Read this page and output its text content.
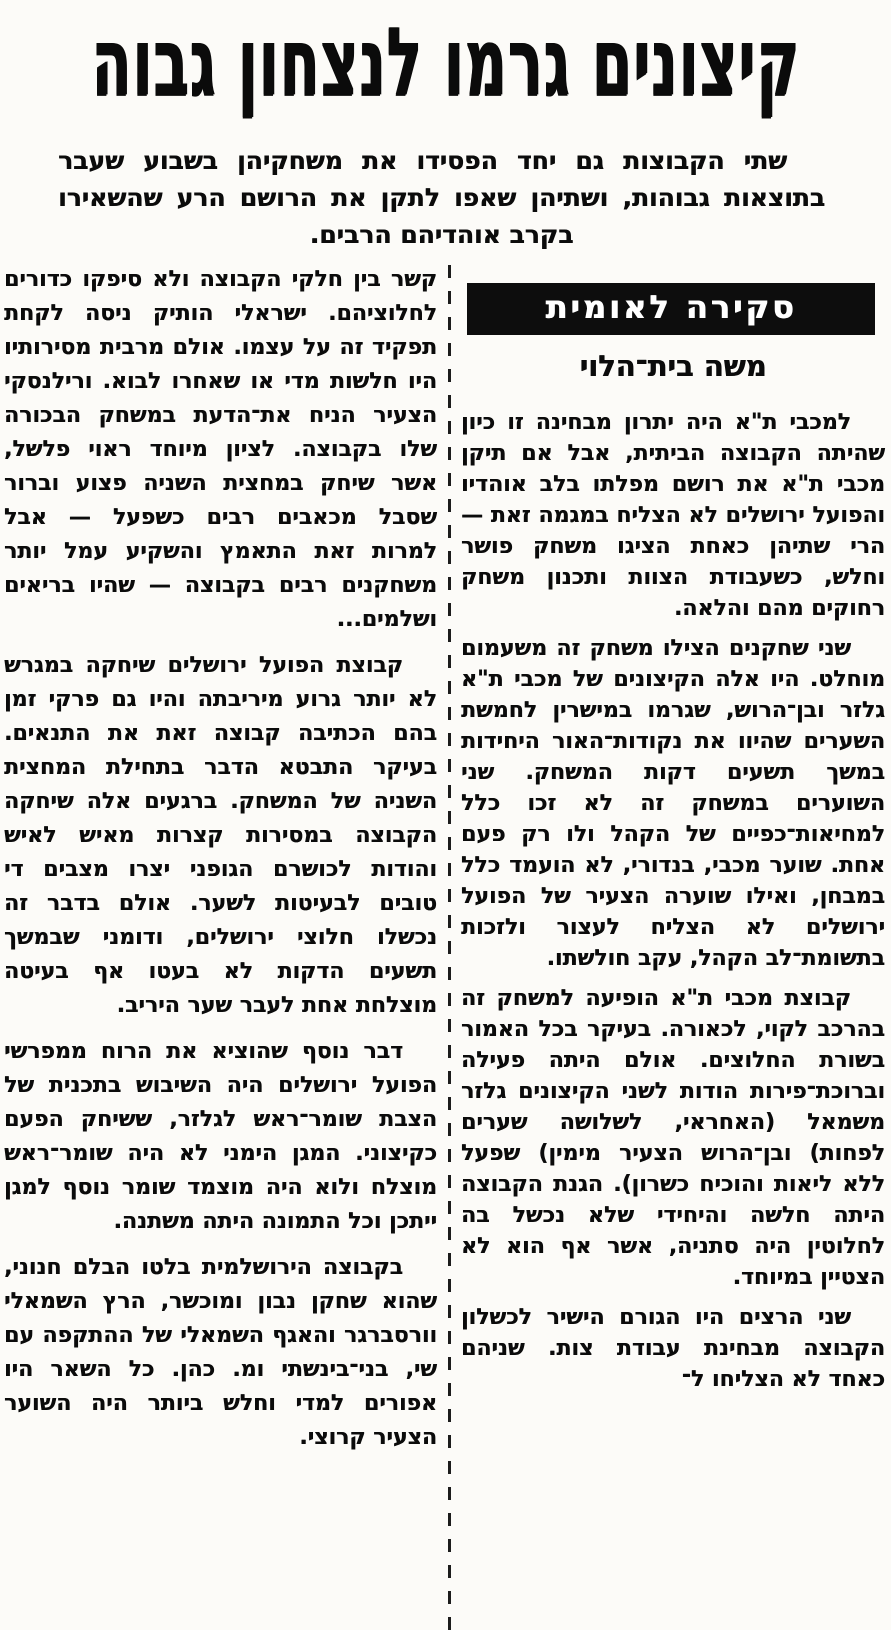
קיצונים גרמו לנצחון גבוה

שתי הקבוצות גם יחד הפסידו את משחקיהן בשבוע שעבר בתוצאות גבוהות, ושתיהן שאפו לתקן את הרושם הרע שהשאירו בקרב אוהדיהם הרבים.

סקירה לאומית
משה בית־הלוי

למכבי ת"א היה יתרון מבחינה זו כיון שהיתה הקבוצה הביתית, אבל אם תיקן מכבי ת"א את רושם מפלתו בלב אוהדיו והפועל ירושלים לא הצליח במגמה זאת — הרי שתיהן כאחת הציגו משחק פושר וחלש, כשעבודת הצוות ותכנון משחק רחוקים מהם והלאה.

שני שחקנים הצילו משחק זה משעמום מוחלט. היו אלה הקיצונים של מכבי ת"א גלזר ובן־הרוש, שגרמו במישרין לחמשת השערים שהיוו את נקודות־האור היחידות במשך תשעים דקות המשחק. שני השוערים במשחק זה לא זכו כלל למחיאות־כפיים של הקהל ולו רק פעם אחת. שוער מכבי, בנדורי, לא הועמד כלל במבחן, ואילו שוערה הצעיר של הפועל ירושלים לא הצליח לעצור ולזכות בתשומת־לב הקהל, עקב חולשתו.

קבוצת מכבי ת"א הופיעה למשחק זה בהרכב לקוי, לכאורה. בעיקר בכל האמור בשורת החלוצים. אולם היתה פעילה וברוכת־פירות הודות לשני הקיצונים גלזר משמאל (האחראי, לשלושה שערים לפחות) ובן־הרוש הצעיר מימין) שפעל ללא ליאות והוכיח כשרון). הגנת הקבוצה היתה חלשה והיחידי שלא נכשל בה לחלוטין היה סתניה, אשר אף הוא לא הצטיין במיוחד.

שני הרצים היו הגורם הישיר לכשלון הקבוצה מבחינת עבודת צות. שניהם כאחד לא הצליחו ל־

קשר בין חלקי הקבוצה ולא סיפקו כדורים לחלוציהם. ישראלי הותיק ניסה לקחת תפקיד זה על עצמו. אולם מרבית מסירותיו היו חלשות מדי או שאחרו לבוא. ורילנסקי הצעיר הניח את־הדעת במשחק הבכורה שלו בקבוצה. לציון מיוחד ראוי פלשל, אשר שיחק במחצית השניה פצוע וברור שסבל מכאבים רבים כשפעל — אבל למרות זאת התאמץ והשקיע עמל יותר משחקנים רבים בקבוצה — שהיו בריאים ושלמים...

קבוצת הפועל ירושלים שיחקה במגרש לא יותר גרוע מיריבתה והיו גם פרקי זמן בהם הכתיבה קבוצה זאת את התנאים. בעיקר התבטא הדבר בתחילת המחצית השניה של המשחק. ברגעים אלה שיחקה הקבוצה במסירות קצרות מאיש לאיש והודות לכושרם הגופני יצרו מצבים די טובים לבעיטות לשער. אולם בדבר זה נכשלו חלוצי ירושלים, ודומני שבמשך תשעים הדקות לא בעטו אף בעיטה מוצלחת אחת לעבר שער היריב.

דבר נוסף שהוציא את הרוח ממפרשי הפועל ירושלים היה השיבוש בתכנית של הצבת שומר־ראש לגלזר, ששיחק הפעם כקיצוני. המגן הימני לא היה שומר־ראש מוצלח ולוא היה מוצמד שומר נוסף למגן ייתכן וכל התמונה היתה משתנה.

בקבוצה הירושלמית בלטו הבלם חנוני, שהוא שחקן נבון ומוכשר, הרץ השמאלי וורסברגר והאגף השמאלי של ההתקפה עם שי, בני־בינשתי ומ. כהן. כל השאר היו אפורים למדי וחלש ביותר היה השוער הצעיר קרוצי.
